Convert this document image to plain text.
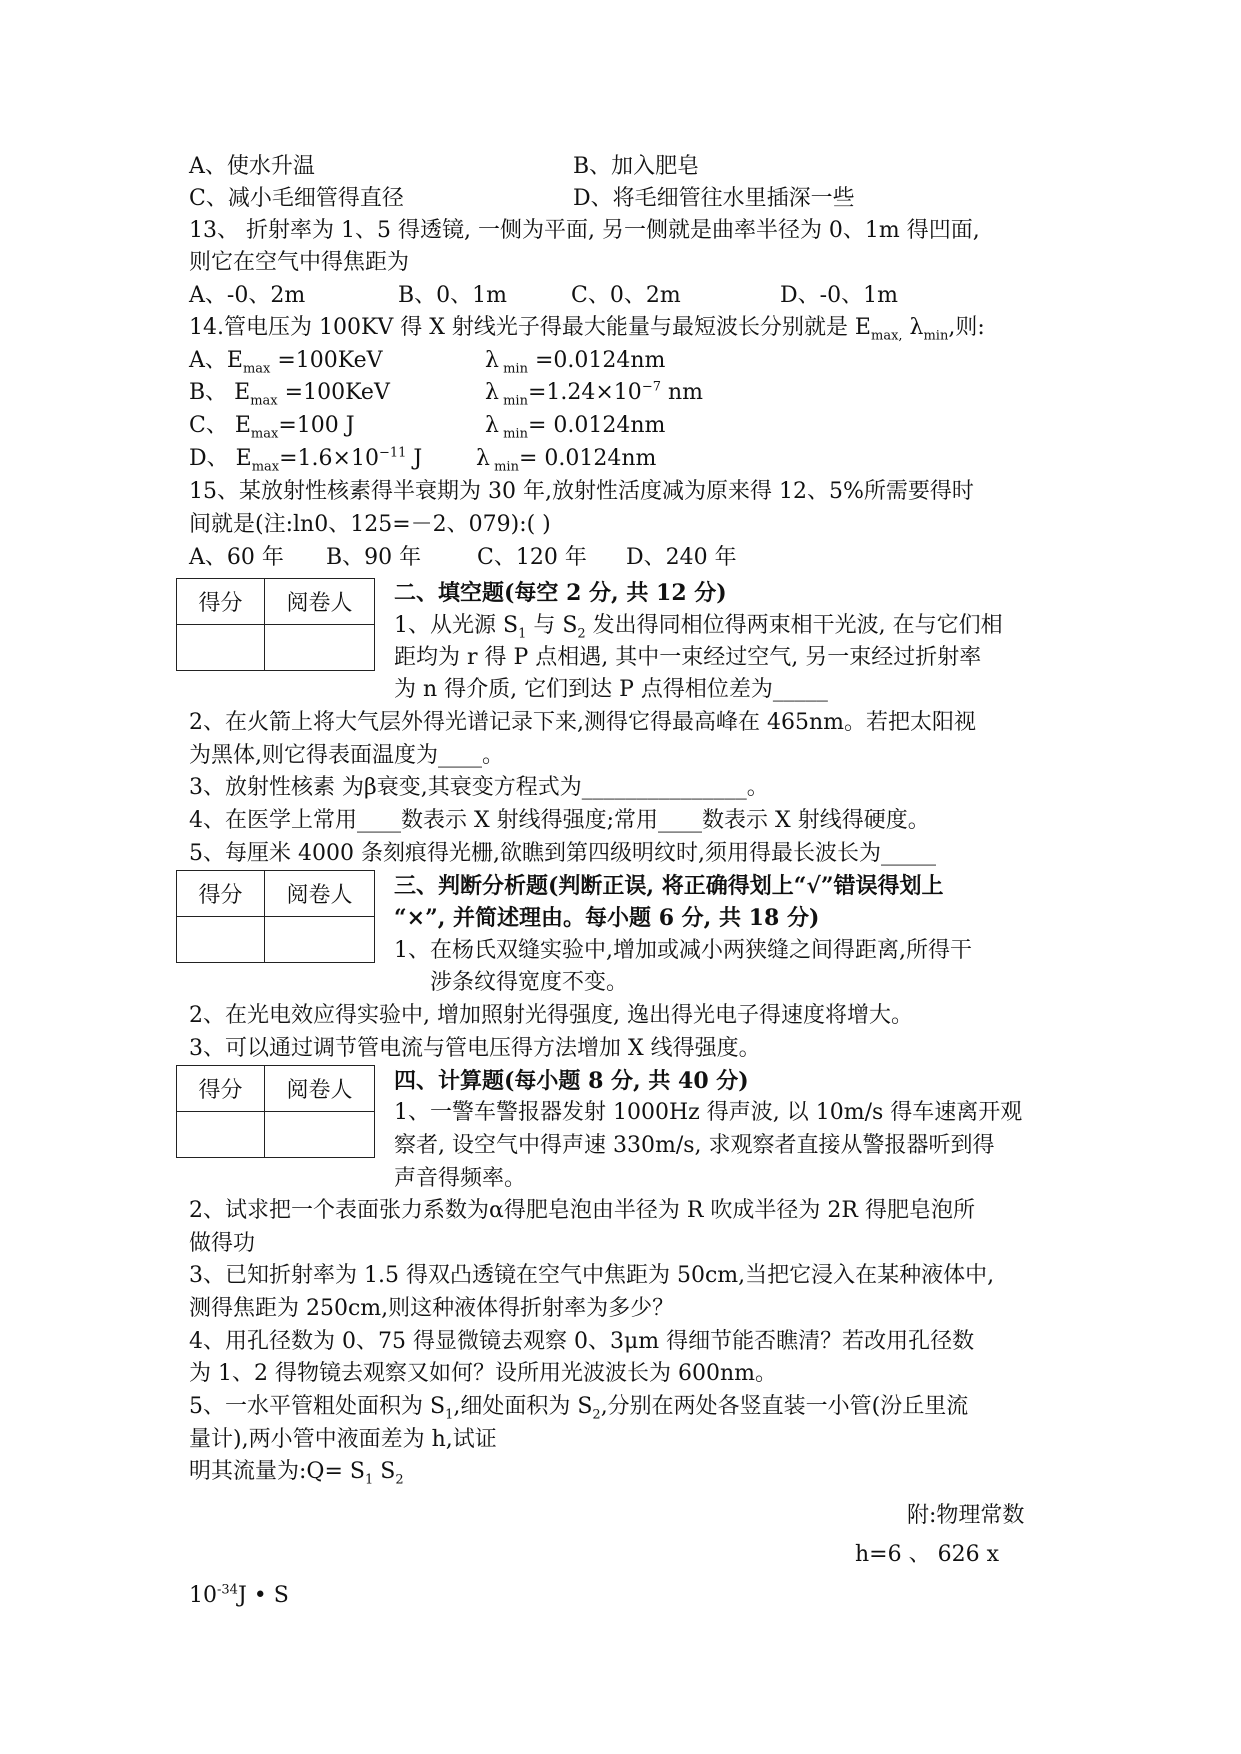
A、使水升温	B、加入肥皂
C、减小毛细管得直径	D、将毛细管往水里插深一些
13、 折射率为 1、5 得透镜, 一侧为平面, 另一侧就是曲率半径为 0、1m 得凹面,
则它在空气中得焦距为
A、-0、2m	B、0、1m	C、0、2m	D、-0、1m
14.管电压为 100KV 得 X 射线光子得最大能量与最短波长分别就是 $E_{max,}$ $\lambda_{min}$,则:
A、$E_{max} =100KeV$	λ $_{min}$ =0.0124nm
B、 $E_{max} =100KeV$	λ $_{min}=1.24\times 10^{-7}$ nm
C、 $E_{max}=100$ J	λ $_{min}$= 0.0124nm
D、 $E_{max}=1.6\times 10^{-11}$ J λ $_{min}$= 0.0124nm
15、某放射性核素得半衰期为 30 年,放射性活度减为原来得 12、5%所需要得时
间就是(注:ln0、125=－2、079):( )
A、60 年 B、90 年	C、120 年 D、240 年
得分	阅卷人
	二、填空题(每空 2 分, 共 12 分)
1、从光源 $S_1$ 与 $S_2$ 发出得同相位得两束相干光波, 在与它们相
距均为 r 得 P 点相遇, 其中一束经过空气, 另一束经过折射率
为 n 得介质, 它们到达 P 点得相位差为_____
2、在火箭上将大气层外得光谱记录下来,测得它得最高峰在 465nm。若把太阳视
为黑体,则它得表面温度为____。
3、放射性核素 为β衰变,其衰变方程式为_______________。
4、在医学上常用____数表示 X 射线得强度;常用____数表示 X 射线得硬度。
5、每厘米 4000 条刻痕得光栅,欲瞧到第四级明纹时,须用得最长波长为_____
得分	阅卷人
	三、判断分析题(判断正误, 将正确得划上“√”错误得划上
“×”, 并简述理由。每小题 6 分, 共 18 分)
1、在杨氏双缝实验中,增加或减小两狭缝之间得距离,所得干
涉条纹得宽度不变。
2、在光电效应得实验中, 增加照射光得强度, 逸出得光电子得速度将增大。
3、可以通过调节管电流与管电压得方法增加 X 线得强度。
得分	阅卷人
	四、计算题(每小题 8 分, 共 40 分)
1、一警车警报器发射 1000Hz 得声波, 以 10m/s 得车速离开观
察者, 设空气中得声速 330m/s, 求观察者直接从警报器听到得
声音得频率。
2、试求把一个表面张力系数为α得肥皂泡由半径为 R 吹成半径为 2R 得肥皂泡所
做得功
3、已知折射率为 1.5 得双凸透镜在空气中焦距为 50cm,当把它浸入在某种液体中,
测得焦距为 250cm,则这种液体得折射率为多少？
4、用孔径数为 0、75 得显微镜去观察 0、3μm 得细节能否瞧清？若改用孔径数
为 1、2 得物镜去观察又如何？设所用光波波长为 600nm。
5、一水平管粗处面积为 $S_1$,细处面积为 $S_2$,分别在两处各竖直装一小管(汾丘里流
量计),两小管中液面差为 h,试证
明其流量为:Q= $S_1$ $S_2$
附:物理常数
h=6 、 626 x
$10^{-34}J$ • S
